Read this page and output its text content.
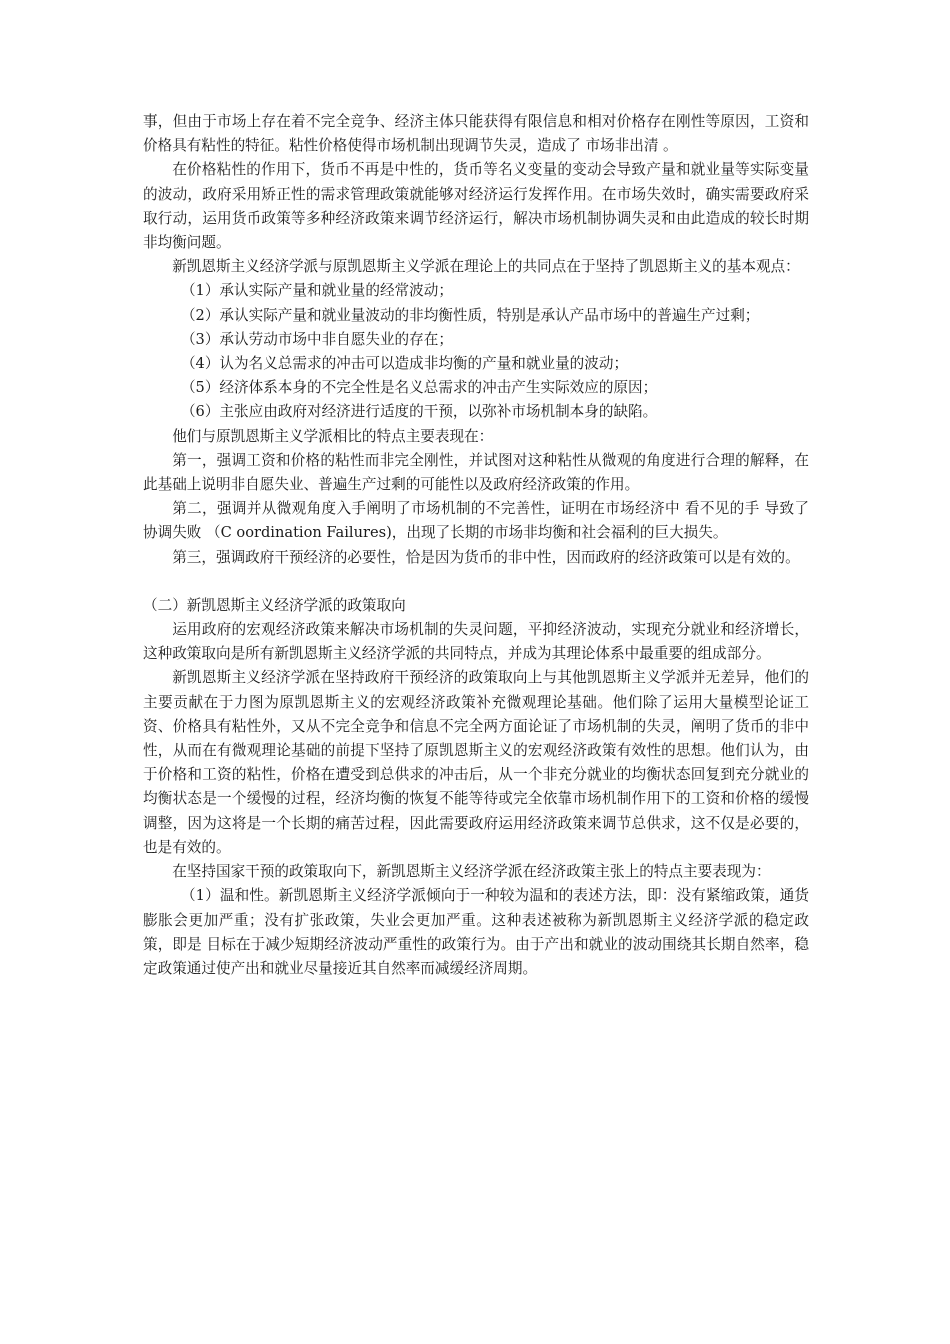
事，但由于市场上存在着不完全竞争、经济主体只能获得有限信息和相对价格存在刚性等原因，工资和价格具有粘性的特征。粘性价格使得市场机制出现调节失灵，造成了 市场非出清 。

在价格粘性的作用下，货币不再是中性的，货币等名义变量的变动会导致产量和就业量等实际变量的波动，政府采用矫正性的需求管理政策就能够对经济运行发挥作用。在市场失效时，确实需要政府采取行动，运用货币政策等多种经济政策来调节经济运行，解决市场机制协调失灵和由此造成的较长时期非均衡问题。

新凯恩斯主义经济学派与原凯恩斯主义学派在理论上的共同点在于坚持了凯恩斯主义的基本观点：

（1）承认实际产量和就业量的经常波动；

（2）承认实际产量和就业量波动的非均衡性质，特别是承认产品市场中的普遍生产过剩；

（3）承认劳动市场中非自愿失业的存在；

（4）认为名义总需求的冲击可以造成非均衡的产量和就业量的波动；

（5）经济体系本身的不完全性是名义总需求的冲击产生实际效应的原因；

（6）主张应由政府对经济进行适度的干预，以弥补市场机制本身的缺陷。

他们与原凯恩斯主义学派相比的特点主要表现在：

第一，强调工资和价格的粘性而非完全刚性，并试图对这种粘性从微观的角度进行合理的解释，在此基础上说明非自愿失业、普遍生产过剩的可能性以及政府经济政策的作用。

第二，强调并从微观角度入手阐明了市场机制的不完善性，证明在市场经济中 看不见的手 导致了 协调失败 （C oordination Failures)，出现了长期的市场非均衡和社会福利的巨大损失。

第三，强调政府干预经济的必要性，恰是因为货币的非中性，因而政府的经济政策可以是有效的。

（二）新凯恩斯主义经济学派的政策取向

运用政府的宏观经济政策来解决市场机制的失灵问题，平抑经济波动，实现充分就业和经济增长，这种政策取向是所有新凯恩斯主义经济学派的共同特点，并成为其理论体系中最重要的组成部分。

新凯恩斯主义经济学派在坚持政府干预经济的政策取向上与其他凯恩斯主义学派并无差异，他们的主要贡献在于力图为原凯恩斯主义的宏观经济政策补充微观理论基础。他们除了运用大量模型论证工资、价格具有粘性外，又从不完全竞争和信息不完全两方面论证了市场机制的失灵，阐明了货币的非中性，从而在有微观理论基础的前提下坚持了原凯恩斯主义的宏观经济政策有效性的思想。他们认为，由于价格和工资的粘性，价格在遭受到总供求的冲击后，从一个非充分就业的均衡状态回复到充分就业的均衡状态是一个缓慢的过程，经济均衡的恢复不能等待或完全依靠市场机制作用下的工资和价格的缓慢调整，因为这将是一个长期的痛苦过程，因此需要政府运用经济政策来调节总供求，这不仅是必要的，也是有效的。

在坚持国家干预的政策取向下，新凯恩斯主义经济学派在经济政策主张上的特点主要表现为：

（1）温和性。新凯恩斯主义经济学派倾向于一种较为温和的表述方法，即：没有紧缩政策，通货膨胀会更加严重；没有扩张政策，失业会更加严重。这种表述被称为新凯恩斯主义经济学派的稳定政策，即是 目标在于减少短期经济波动严重性的政策行为。由于产出和就业的波动围绕其长期自然率，稳定政策通过使产出和就业尽量接近其自然率而减缓经济周期。
